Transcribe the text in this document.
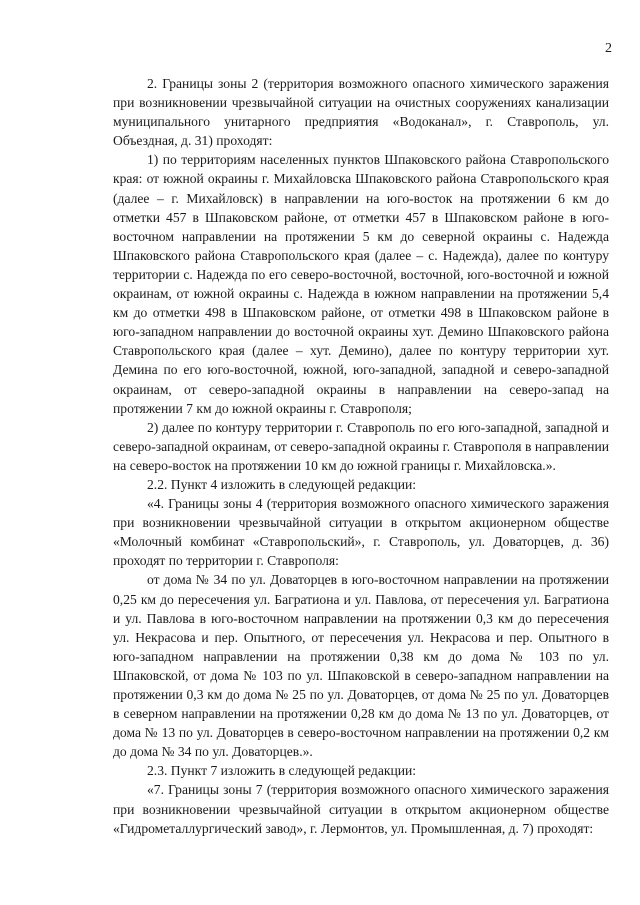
2

2. Границы зоны 2 (территория возможного опасного химического заражения при возникновении чрезвычайной ситуации на очистных сооружениях канализации муниципального унитарного предприятия «Водоканал», г. Ставрополь, ул. Объездная, д. 31) проходят:

1) по территориям населенных пунктов Шпаковского района Ставропольского края: от южной окраины г. Михайловска Шпаковского района Ставропольского края (далее – г. Михайловск) в направлении на юго-восток на протяжении 6 км до отметки 457 в Шпаковском районе, от отметки 457 в Шпаковском районе в юго-восточном направлении на протяжении 5 км до северной окраины с. Надежда Шпаковского района Ставропольского края (далее – с. Надежда), далее по контуру территории с. Надежда по его северо-восточной, восточной, юго-восточной и южной окраинам, от южной окраины с. Надежда в южном направлении на протяжении 5,4 км до отметки 498 в Шпаковском районе, от отметки 498 в Шпаковском районе в юго-западном направлении до восточной окраины хут. Демино Шпаковского района Ставропольского края (далее – хут. Демино), далее по контуру территории хут. Демина по его юго-восточной, южной, юго-западной, западной и северо-западной окраинам, от северо-западной окраины в направлении на северо-запад на протяжении 7 км до южной окраины г. Ставрополя;

2) далее по контуру территории г. Ставрополь по его юго-западной, западной и северо-западной окраинам, от северо-западной окраины г. Ставрополя в направлении на северо-восток на протяжении 10 км до южной границы г. Михайловска.».

2.2. Пункт 4 изложить в следующей редакции:

«4. Границы зоны 4 (территория возможного опасного химического заражения при возникновении чрезвычайной ситуации в открытом акционерном обществе «Молочный комбинат «Ставропольский», г. Ставрополь, ул. Доваторцев, д. 36) проходят по территории г. Ставрополя:

от дома № 34 по ул. Доваторцев в юго-восточном направлении на протяжении 0,25 км до пересечения ул. Багратиона и ул. Павлова, от пересечения ул. Багратиона и ул. Павлова в юго-восточном направлении на протяжении 0,3 км до пересечения ул. Некрасова и пер. Опытного, от пересечения ул. Некрасова и пер. Опытного в юго-западном направлении на протяжении 0,38 км до дома № 103 по ул. Шпаковской, от дома № 103 по ул. Шпаковской в северо-западном направлении на протяжении 0,3 км до дома № 25 по ул. Доваторцев, от дома № 25 по ул. Доваторцев в северном направлении на протяжении 0,28 км до дома № 13 по ул. Доваторцев, от дома № 13 по ул. Доваторцев в северо-восточном направлении на протяжении 0,2 км до дома № 34 по ул. Доваторцев.».

2.3. Пункт 7 изложить в следующей редакции:

«7. Границы зоны 7 (территория возможного опасного химического заражения при возникновении чрезвычайной ситуации в открытом акционерном обществе «Гидрометаллургический завод», г. Лермонтов, ул. Промышленная, д. 7) проходят:
